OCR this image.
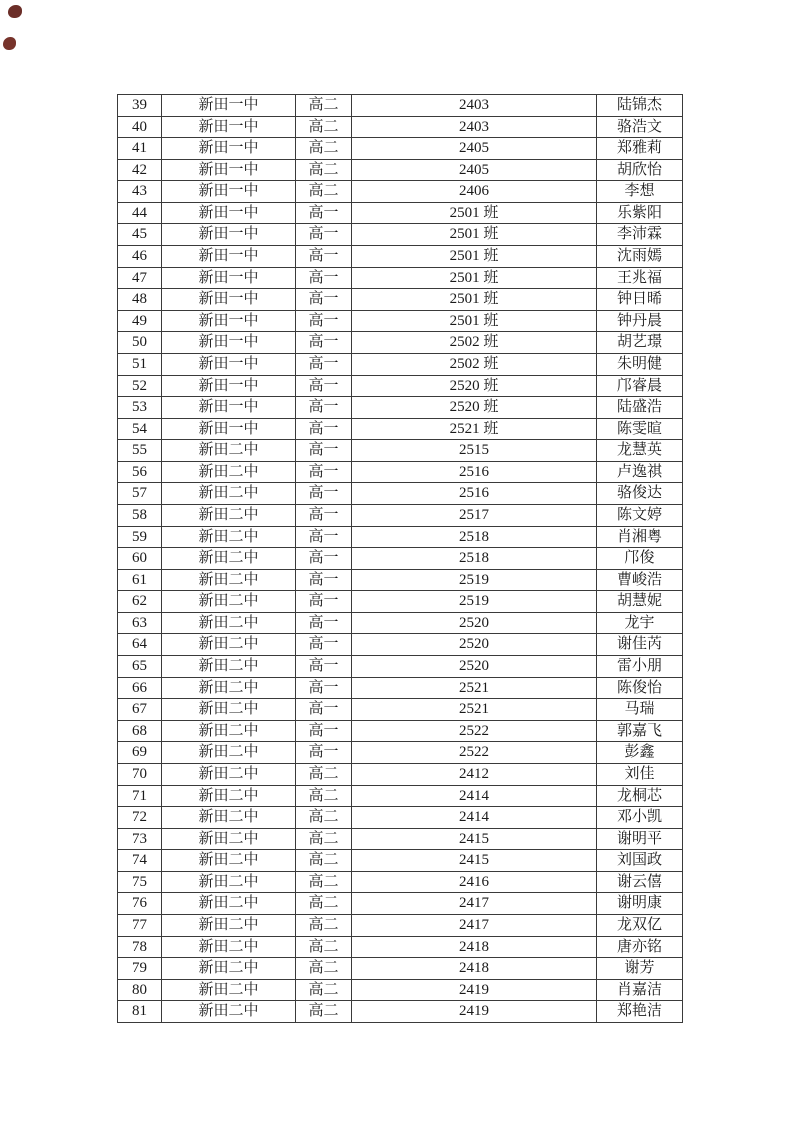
39	新田一中	高二	2403	陆锦杰
40	新田一中	高二	2403	骆浩文
41	新田一中	高二	2405	郑雅莉
42	新田一中	高二	2405	胡欣怡
43	新田一中	高二	2406	李想
44	新田一中	高一	2501 班	乐紫阳
45	新田一中	高一	2501 班	李沛霖
46	新田一中	高一	2501 班	沈雨嫣
47	新田一中	高一	2501 班	王兆福
48	新田一中	高一	2501 班	钟日晞
49	新田一中	高一	2501 班	钟丹晨
50	新田一中	高一	2502 班	胡艺璟
51	新田一中	高一	2502 班	朱明健
52	新田一中	高一	2520 班	邝睿晨
53	新田一中	高一	2520 班	陆盛浩
54	新田一中	高一	2521 班	陈雯暄
55	新田二中	高一	2515	龙慧英
56	新田二中	高一	2516	卢逸祺
57	新田二中	高一	2516	骆俊达
58	新田二中	高一	2517	陈文婷
59	新田二中	高一	2518	肖湘粤
60	新田二中	高一	2518	邝俊
61	新田二中	高一	2519	曹峻浩
62	新田二中	高一	2519	胡慧妮
63	新田二中	高一	2520	龙宇
64	新田二中	高一	2520	谢佳芮
65	新田二中	高一	2520	雷小朋
66	新田二中	高一	2521	陈俊怡
67	新田二中	高一	2521	马瑞
68	新田二中	高一	2522	郭嘉飞
69	新田二中	高一	2522	彭鑫
70	新田二中	高二	2412	刘佳
71	新田二中	高二	2414	龙桐芯
72	新田二中	高二	2414	邓小凯
73	新田二中	高二	2415	谢明平
74	新田二中	高二	2415	刘国政
75	新田二中	高二	2416	谢云僖
76	新田二中	高二	2417	谢明康
77	新田二中	高二	2417	龙双亿
78	新田二中	高二	2418	唐亦铭
79	新田二中	高二	2418	谢芳
80	新田二中	高二	2419	肖嘉洁
81	新田二中	高二	2419	郑艳洁
